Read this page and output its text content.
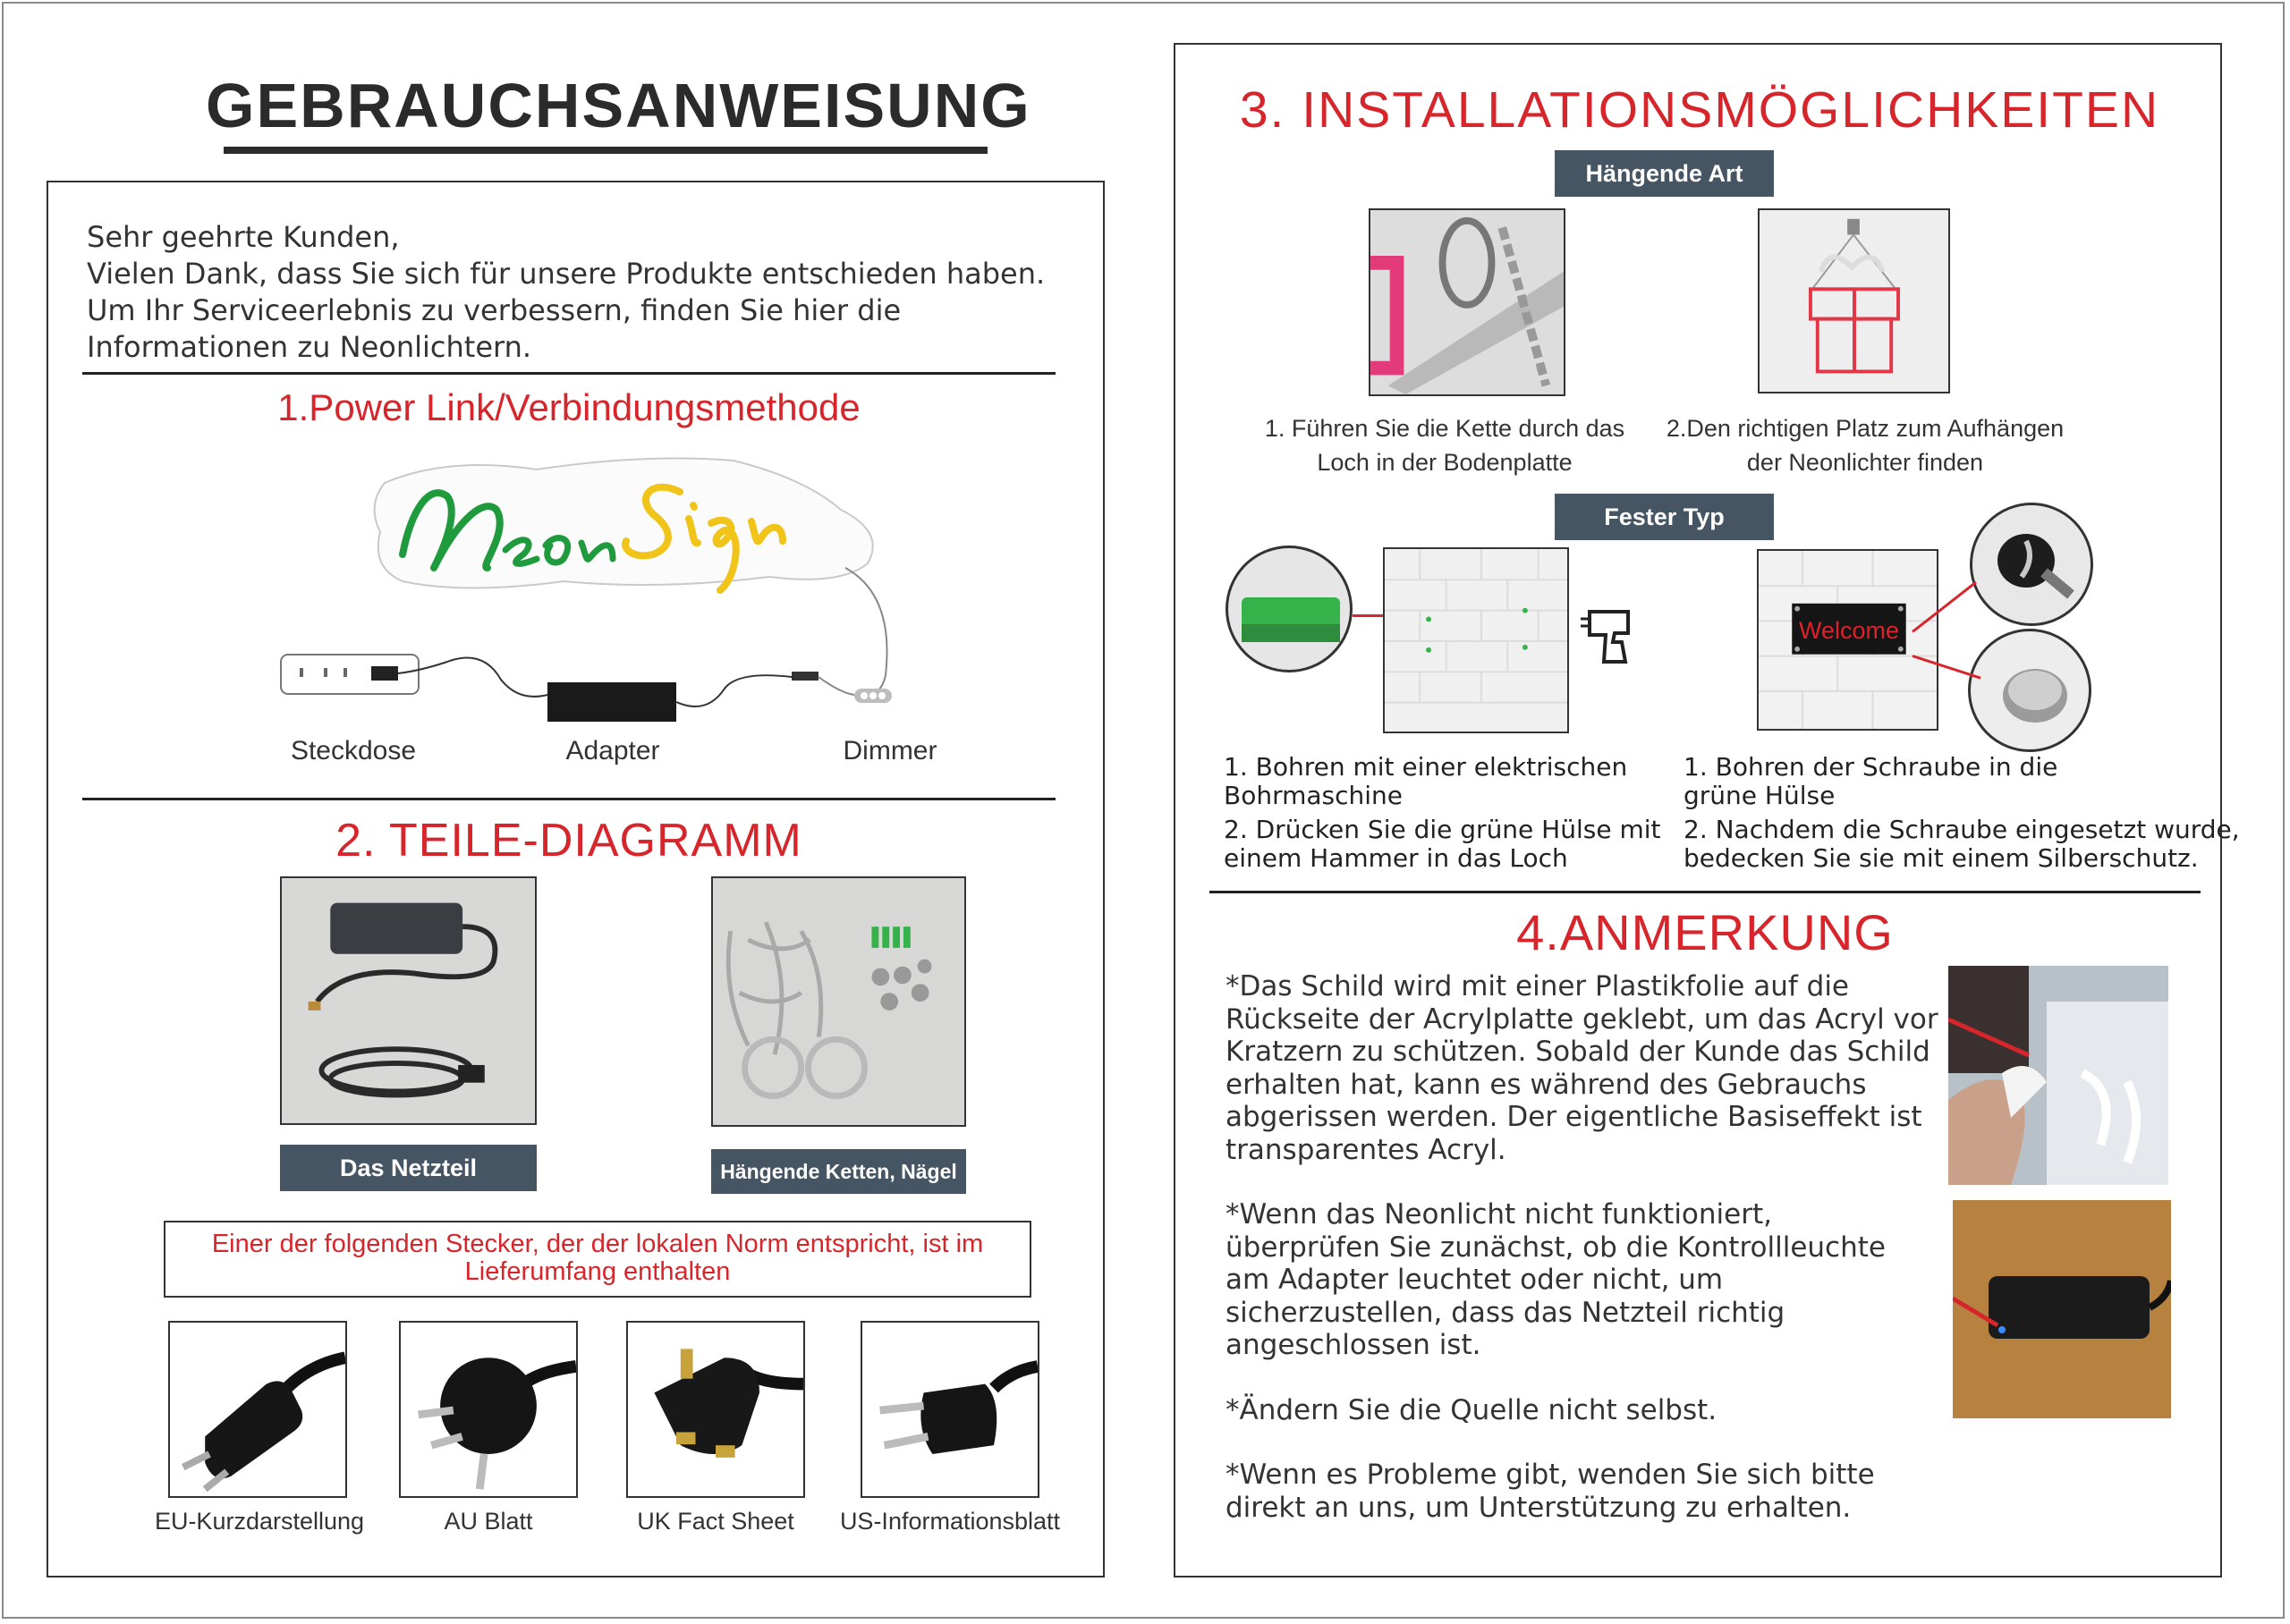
GEBRAUCHSANWEISUNG
Sehr geehrte Kunden,
Vielen Dank, dass Sie sich für unsere Produkte entschieden haben.
Um Ihr Serviceerlebnis zu verbessern, finden Sie hier die
Informationen zu Neonlichtern.
1.Power Link/Verbindungsmethode
Steckdose	Adapter	Dimmer
2. TEILE-DIAGRAMM
Das Netzteil	Hängende Ketten, Nägel
Einer der folgenden Stecker, der der lokalen Norm entspricht, ist im
Lieferumfang enthalten
EU-Kurzdarstellung	AU Blatt	UK Fact Sheet	US-Informationsblatt
3. INSTALLATIONSMÖGLICHKEITEN
Hängende Art
1. Führen Sie die Kette durch das
Loch in der Bodenplatte
2.Den richtigen Platz zum Aufhängen
der Neonlichter finden
Fester Typ
Welcome
1. Bohren mit einer elektrischen
Bohrmaschine
2. Drücken Sie die grüne Hülse mit
einem Hammer in das Loch
1. Bohren der Schraube in die
grüne Hülse
2. Nachdem die Schraube eingesetzt wurde,
bedecken Sie sie mit einem Silberschutz.
4.ANMERKUNG

*Das Schild wird mit einer Plastikfolie auf die

Rückseite der Acrylplatte geklebt, um das Acryl vor

Kratzern zu schützen. Sobald der Kunde das Schild

erhalten hat, kann es während des Gebrauchs

abgerissen werden. Der eigentliche Basiseffekt ist

transparentes Acryl.

*Wenn das Neonlicht nicht funktioniert,

überprüfen Sie zunächst, ob die Kontrollleuchte

am Adapter leuchtet oder nicht, um

sicherzustellen, dass das Netzteil richtig

angeschlossen ist.

*Ändern Sie die Quelle nicht selbst.

*Wenn es Probleme gibt, wenden Sie sich bitte

direkt an uns, um Unterstützung zu erhalten.
